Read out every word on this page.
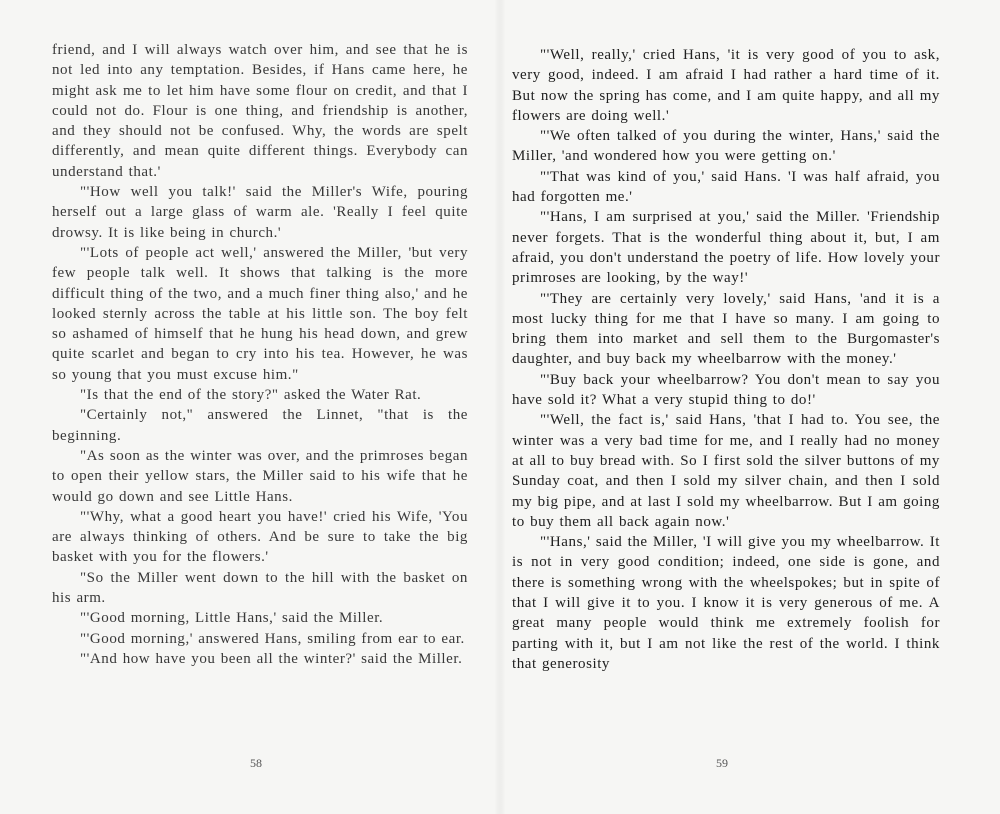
friend, and I will always watch over him, and see that he is not led into any temptation. Besides, if Hans came here, he might ask me to let him have some flour on credit, and that I could not do. Flour is one thing, and friendship is another, and they should not be confused. Why, the words are spelt differently, and mean quite different things. Everybody can understand that.'

"'How well you talk!' said the Miller's Wife, pouring herself out a large glass of warm ale. 'Really I feel quite drowsy. It is like being in church.'

"'Lots of people act well,' answered the Miller, 'but very few people talk well. It shows that talking is the more difficult thing of the two, and a much finer thing also,' and he looked sternly across the table at his little son. The boy felt so ashamed of himself that he hung his head down, and grew quite scarlet and began to cry into his tea. However, he was so young that you must excuse him."

"Is that the end of the story?" asked the Water Rat.

"Certainly not," answered the Linnet, "that is the beginning.

"As soon as the winter was over, and the primroses began to open their yellow stars, the Miller said to his wife that he would go down and see Little Hans.

"'Why, what a good heart you have!' cried his Wife, 'You are always thinking of others. And be sure to take the big basket with you for the flowers.'

"So the Miller went down to the hill with the basket on his arm.

"'Good morning, Little Hans,' said the Miller.

"'Good morning,' answered Hans, smiling from ear to ear.

"'And how have you been all the winter?' said the Miller.

58

"'Well, really,' cried Hans, 'it is very good of you to ask, very good, indeed. I am afraid I had rather a hard time of it. But now the spring has come, and I am quite happy, and all my flowers are doing well.'

"'We often talked of you during the winter, Hans,' said the Miller, 'and wondered how you were getting on.'

"'That was kind of you,' said Hans. 'I was half afraid, you had forgotten me.'

"'Hans, I am surprised at you,' said the Miller. 'Friendship never forgets. That is the wonderful thing about it, but, I am afraid, you don't understand the poetry of life. How lovely your primroses are looking, by the way!'

"'They are certainly very lovely,' said Hans, 'and it is a most lucky thing for me that I have so many. I am going to bring them into market and sell them to the Burgomaster's daughter, and buy back my wheelbarrow with the money.'

"'Buy back your wheelbarrow? You don't mean to say you have sold it? What a very stupid thing to do!'

"'Well, the fact is,' said Hans, 'that I had to. You see, the winter was a very bad time for me, and I really had no money at all to buy bread with. So I first sold the silver buttons of my Sunday coat, and then I sold my silver chain, and then I sold my big pipe, and at last I sold my wheelbarrow. But I am going to buy them all back again now.'

"'Hans,' said the Miller, 'I will give you my wheelbarrow. It is not in very good condition; indeed, one side is gone, and there is something wrong with the wheelspokes; but in spite of that I will give it to you. I know it is very generous of me. A great many people would think me extremely foolish for parting with it, but I am not like the rest of the world. I think that generosity

59
